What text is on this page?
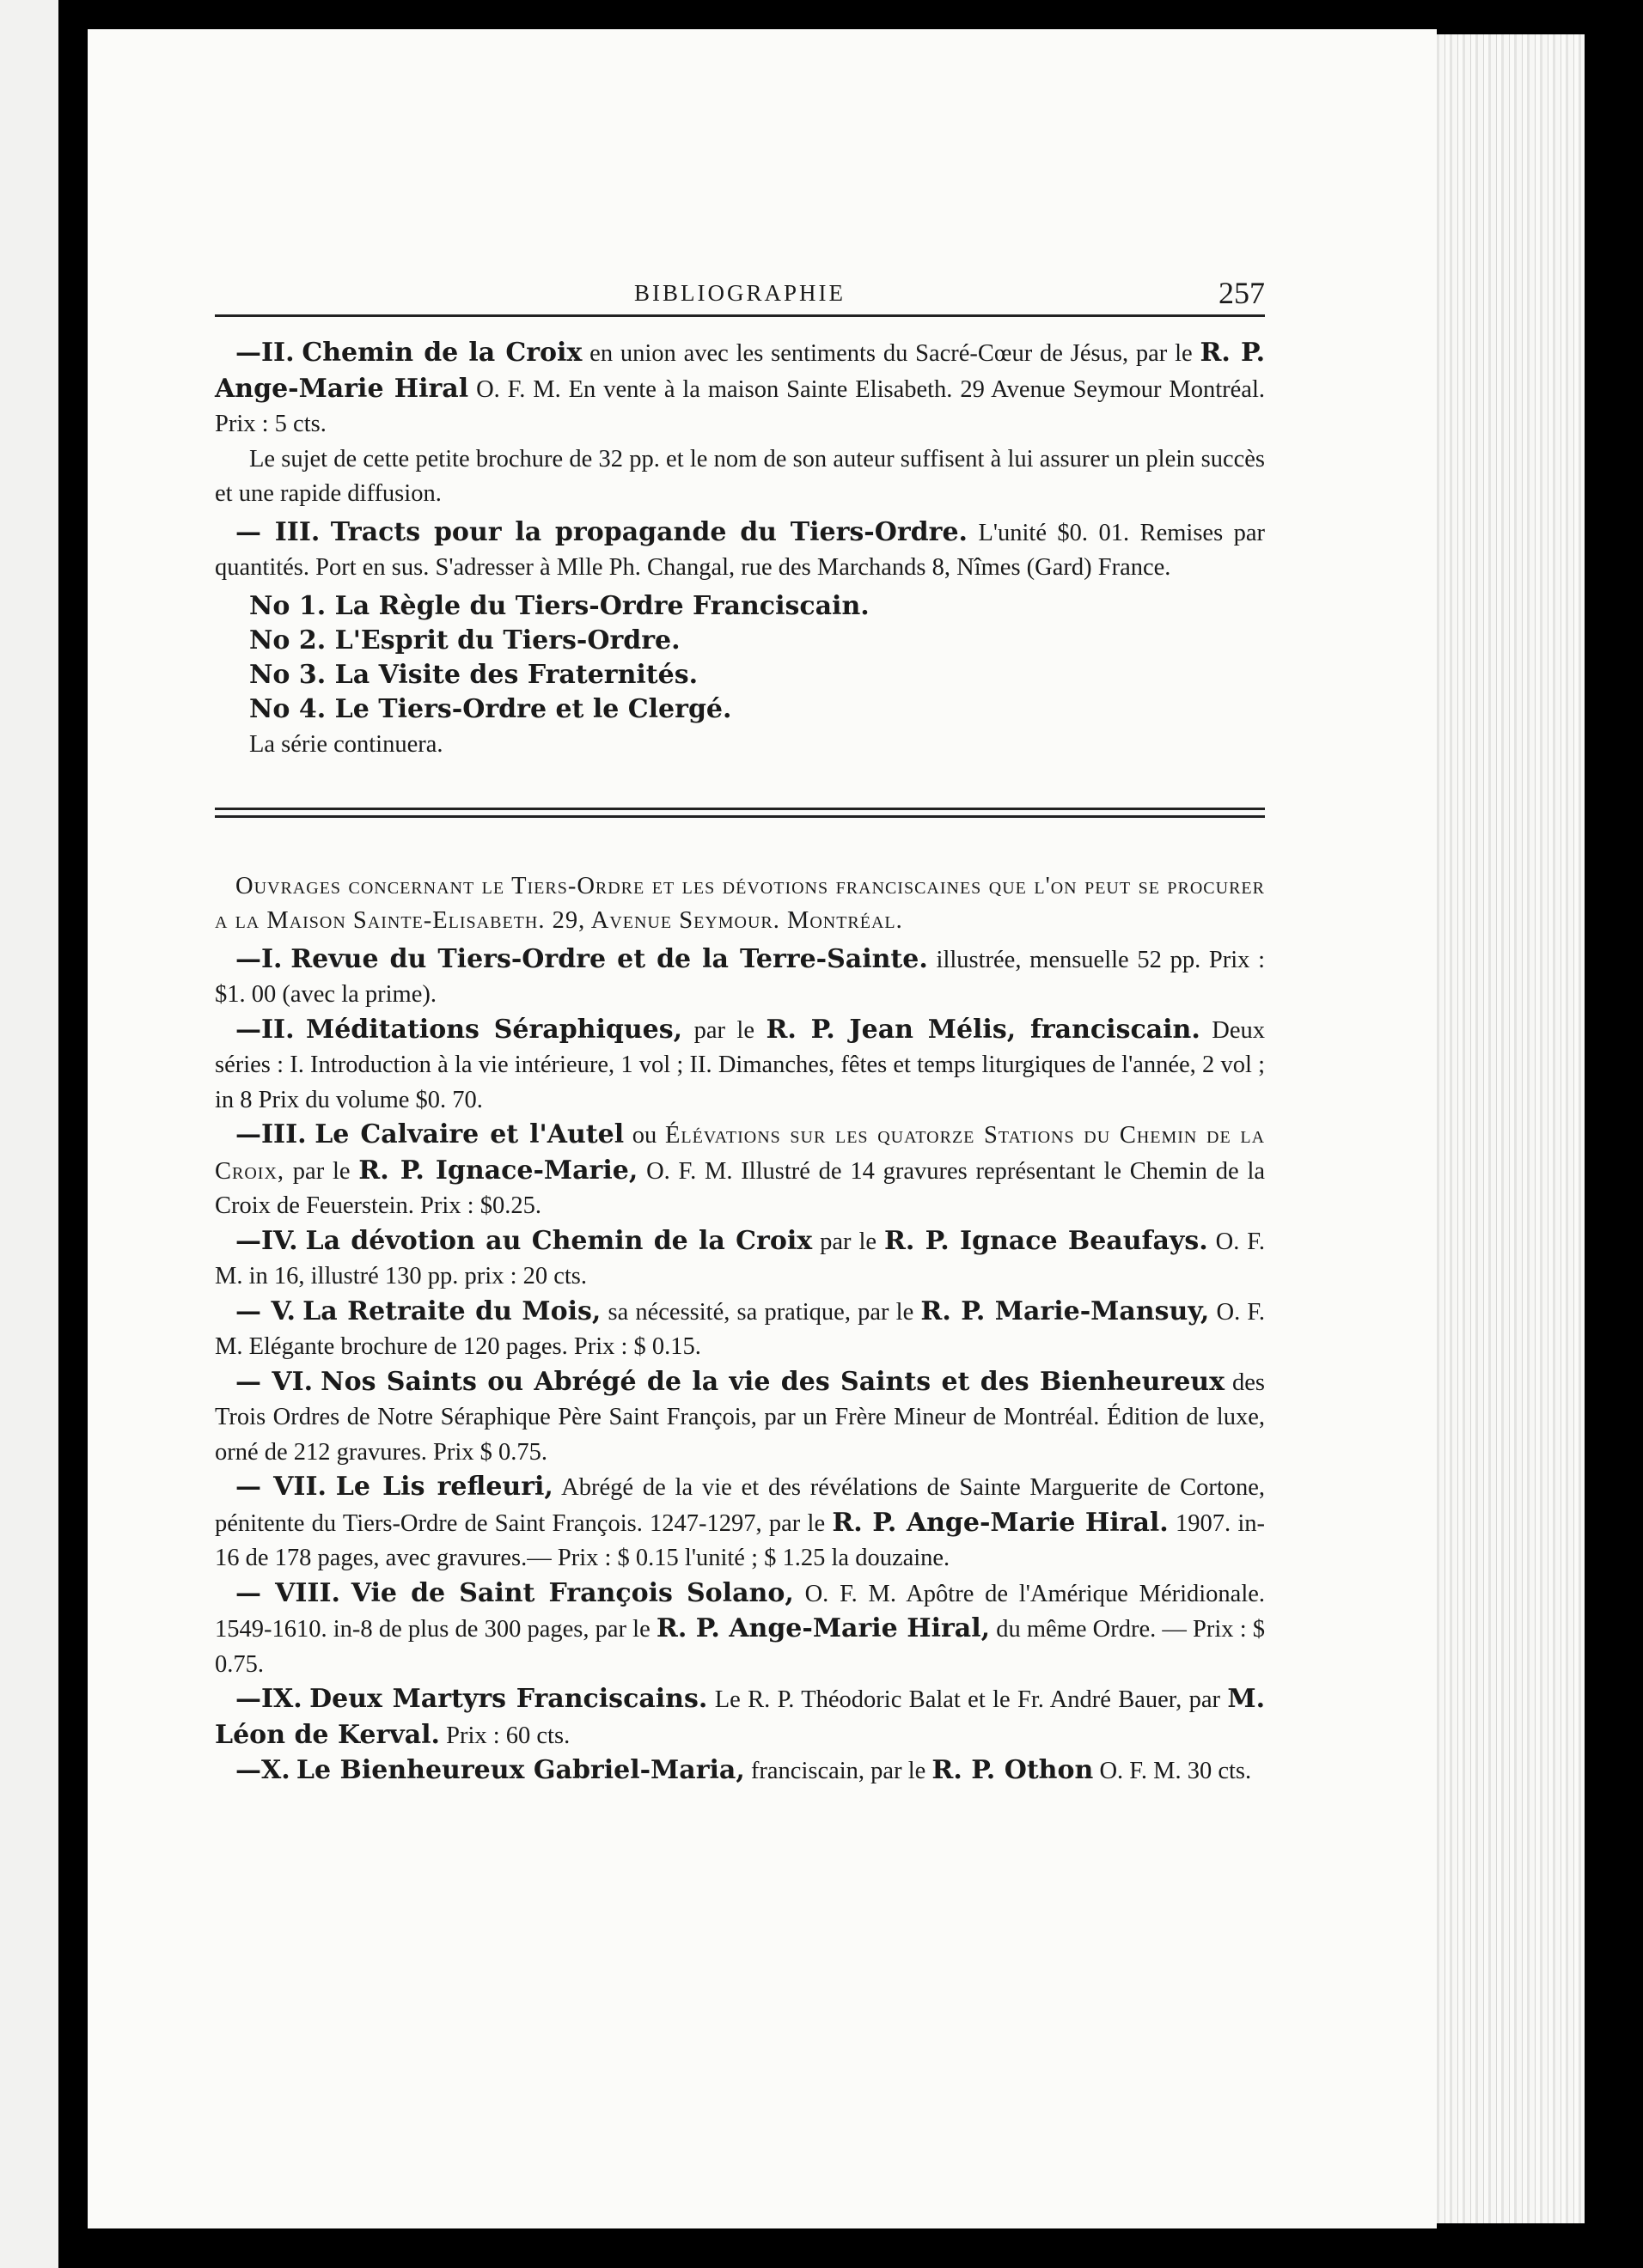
BIBLIOGRAPHIE	257

—II. Chemin de la Croix en union avec les sentiments du Sacré-Cœur de Jésus, par le R. P. Ange-Marie Hiral O. F. M. En vente à la maison Sainte Elisabeth. 29 Avenue Seymour Montréal. Prix : 5 cts.

Le sujet de cette petite brochure de 32 pp. et le nom de son auteur suffisent à lui assurer un plein succès et une rapide diffusion.

— III. Tracts pour la propagande du Tiers-Ordre. L'unité $0. 01. Remises par quantités. Port en sus. S'adresser à Mlle Ph. Changal, rue des Marchands 8, Nîmes (Gard) France.

No 1. La Règle du Tiers-Ordre Franciscain.
No 2. L'Esprit du Tiers-Ordre.
No 3. La Visite des Fraternités.
No 4. Le Tiers-Ordre et le Clergé.
La série continuera.

Ouvrages concernant le Tiers-Ordre et les dévotions franciscaines que l'on peut se procurer a la Maison Sainte-Elisabeth. 29, Avenue Seymour. Montréal.

—I. Revue du Tiers-Ordre et de la Terre-Sainte. illustrée, mensuelle 52 pp. Prix : $1. 00 (avec la prime).

—II. Méditations Séraphiques, par le R. P. Jean Mélis, franciscain. Deux séries : I. Introduction à la vie intérieure, 1 vol ; II. Dimanches, fêtes et temps liturgiques de l'année, 2 vol ; in 8 Prix du volume $0. 70.

—III. Le Calvaire et l'Autel ou Élévations sur les quatorze Stations du Chemin de la Croix, par le R. P. Ignace-Marie, O. F. M. Illustré de 14 gravures représentant le Chemin de la Croix de Feuerstein. Prix : $0.25.

—IV. La dévotion au Chemin de la Croix par le R. P. Ignace Beaufays. O. F. M. in 16, illustré 130 pp. prix : 20 cts.

— V. La Retraite du Mois, sa nécessité, sa pratique, par le R. P. Marie-Mansuy, O. F. M. Elégante brochure de 120 pages. Prix : $ 0.15.

— VI. Nos Saints ou Abrégé de la vie des Saints et des Bienheureux des Trois Ordres de Notre Séraphique Père Saint François, par un Frère Mineur de Montréal. Édition de luxe, orné de 212 gravures. Prix $ 0.75.

— VII. Le Lis refleuri, Abrégé de la vie et des révélations de Sainte Marguerite de Cortone, pénitente du Tiers-Ordre de Saint François. 1247-1297, par le R. P. Ange-Marie Hiral. 1907. in-16 de 178 pages, avec gravures.— Prix : $ 0.15 l'unité ; $ 1.25 la douzaine.

— VIII. Vie de Saint François Solano, O. F. M. Apôtre de l'Amérique Méridionale. 1549-1610. in-8 de plus de 300 pages, par le R. P. Ange-Marie Hiral, du même Ordre. — Prix : $ 0.75.

—IX. Deux Martyrs Franciscains. Le R. P. Théodoric Balat et le Fr. André Bauer, par M. Léon de Kerval. Prix : 60 cts.

—X. Le Bienheureux Gabriel-Maria, franciscain, par le R. P. Othon O. F. M. 30 cts.
